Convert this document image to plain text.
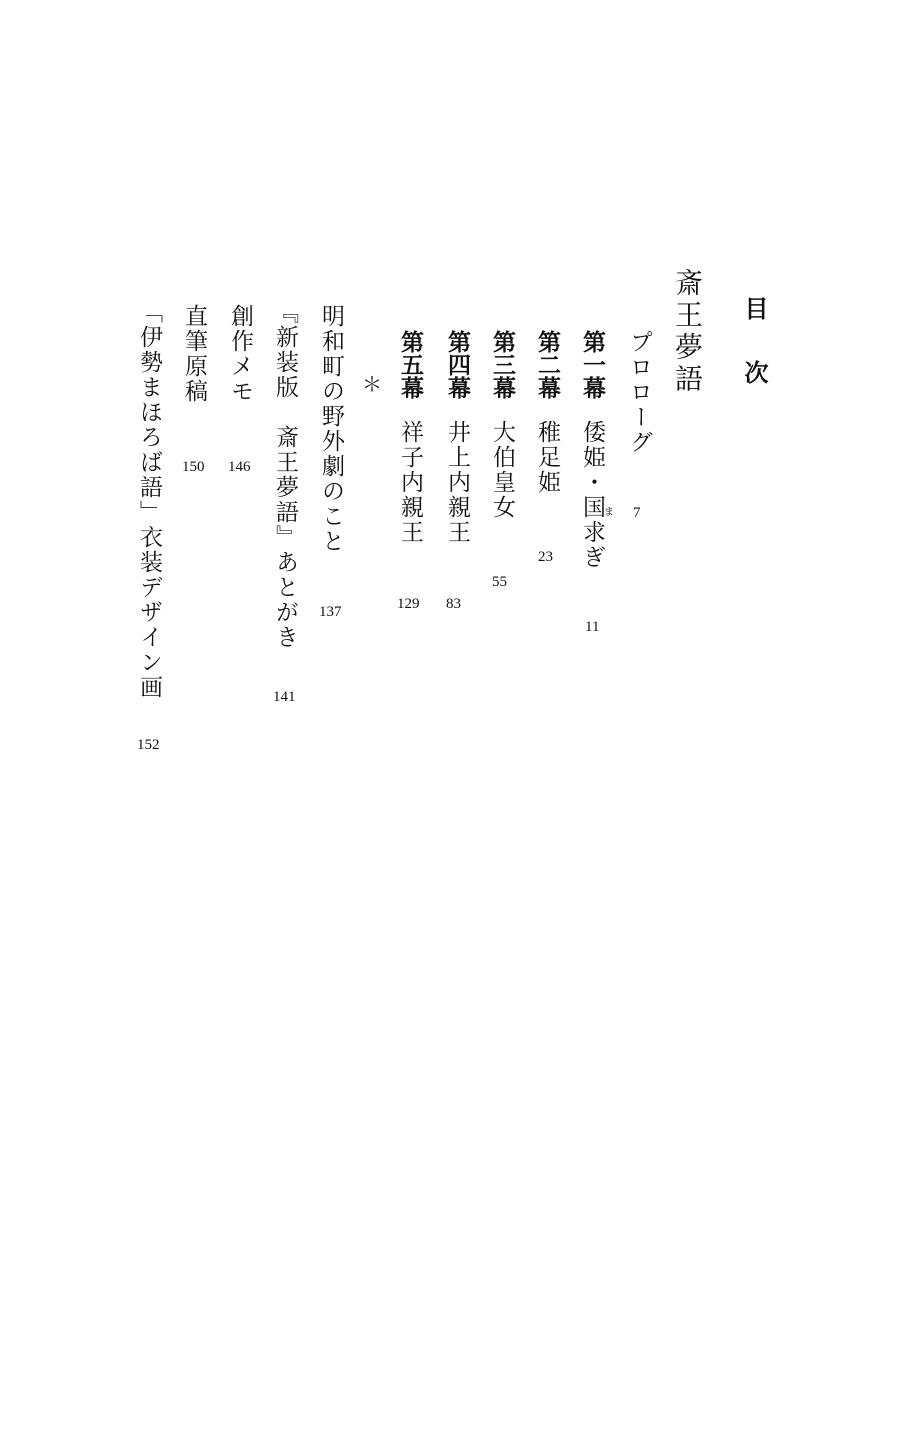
目　次
斎王夢語
プロローグ
7
第一幕
倭姫・国求ぎ ま
11
第二幕
稚足姫
23
第三幕
大伯皇女
55
第四幕
井上内親王
83
第五幕
祥子内親王
129
＊
明和町の野外劇のこと
137
『新装版　斎王夢語』あとがき
141
創作メモ
146
直筆原稿
150
「伊勢まほろば語」衣装デザイン画
152
